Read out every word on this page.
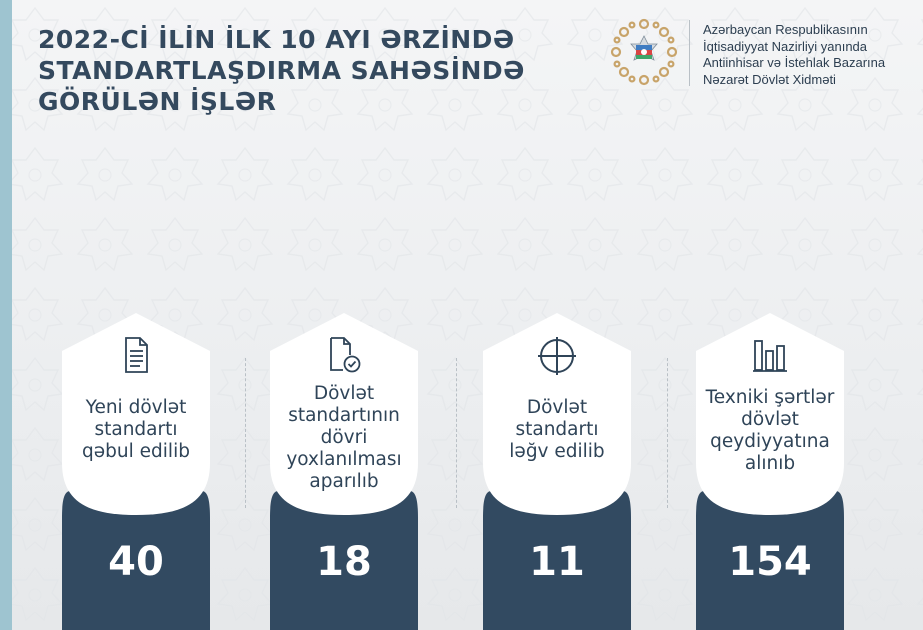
2022-Cİ İLİN İLK 10 AYI ƏRZİNDƏ
STANDARTLAŞDIRMA SAHƏSİNDƏ
GÖRÜLƏN İŞLƏR
Azərbaycan Respublikasının
İqtisadiyyat Nazirliyi yanında
Antiinhisar və İstehlak Bazarına
Nəzarət Dövlət Xidməti
Yeni dövlət
standartı
qəbul edilib
40
Dövlət
standartının
dövri
yoxlanılması
aparılıb
18
Dövlət
standartı
ləğv edilib
11
Texniki şərtlər
dövlət
qeydiyyatına
alınıb
154
